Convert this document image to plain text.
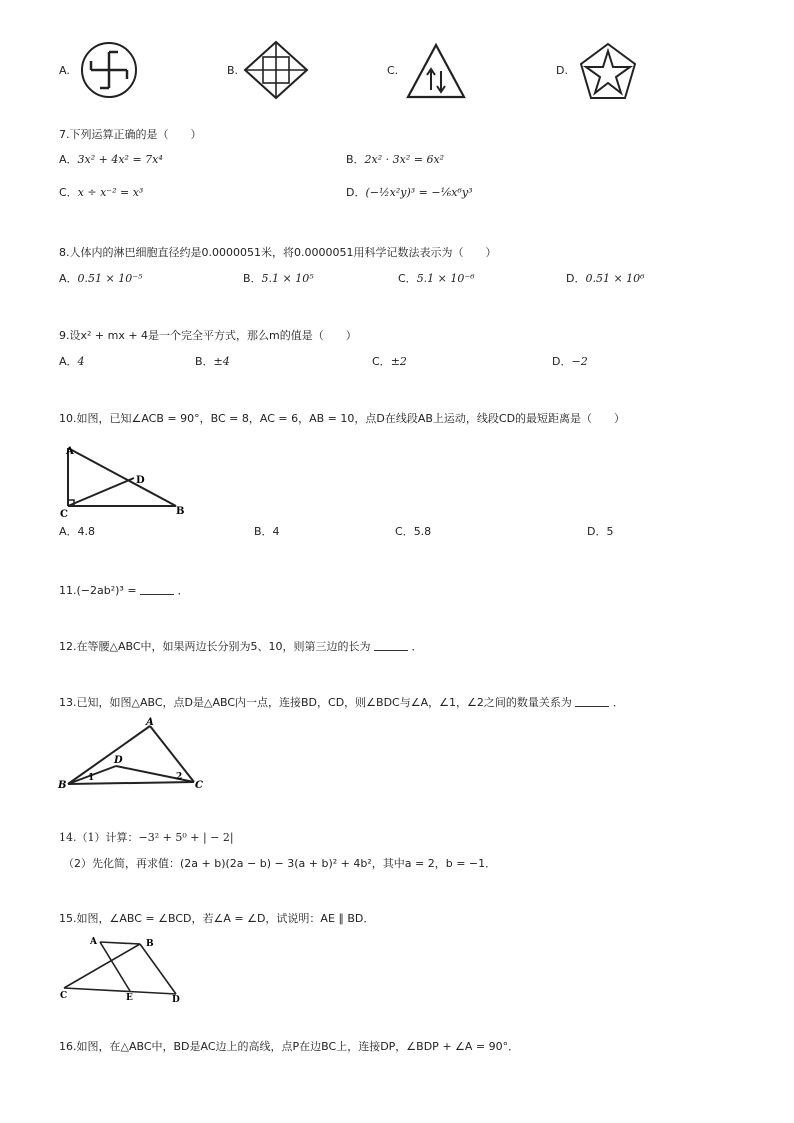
A.	B.	C.	D.
7.下列运算正确的是（　　）
A．3x² + 4x² = 7x⁴	B．2x² · 3x² = 6x²
C．x ÷ x⁻² = x³	D．(−½x²y)³ = −⅙x⁶y³
8.人体内的淋巴细胞直径约是0.0000051米，将0.0000051用科学记数法表示为（　　）
A．0.51 × 10⁻⁵	B．5.1 × 10⁵	C．5.1 × 10⁻⁶	D．0.51 × 10⁶
9.设x² + mx + 4是一个完全平方式，那么m的值是（　　）
A．4	B．±4	C．±2	D．−2
10.如图，已知∠ACB = 90°，BC = 8，AC = 6，AB = 10，点D在线段AB上运动，线段CD的最短距离是（　　）
A
C	B
D
A．4.8	B．4	C．5.8	D．5
11.(−2ab²)³ =	．
12.在等腰△ABC中，如果两边长分别为5、10，则第三边的长为	．
13.已知，如图△ABC，点D是△ABC内一点，连接BD，CD，则∠BDC与∠A，∠1，∠2之间的数量关系为	．
A
B	C
D
1	2
14.（1）计算：−3² + 5⁰ + | − 2|
（2）先化简，再求值：(2a + b)(2a − b) − 3(a + b)² + 4b²，其中a = 2，b = −1．
15.如图，∠ABC = ∠BCD，若∠A = ∠D，试说明：AE ∥ BD．
A	B
C	D
E
16.如图，在△ABC中，BD是AC边上的高线，点P在边BC上，连接DP，∠BDP + ∠A = 90°．
